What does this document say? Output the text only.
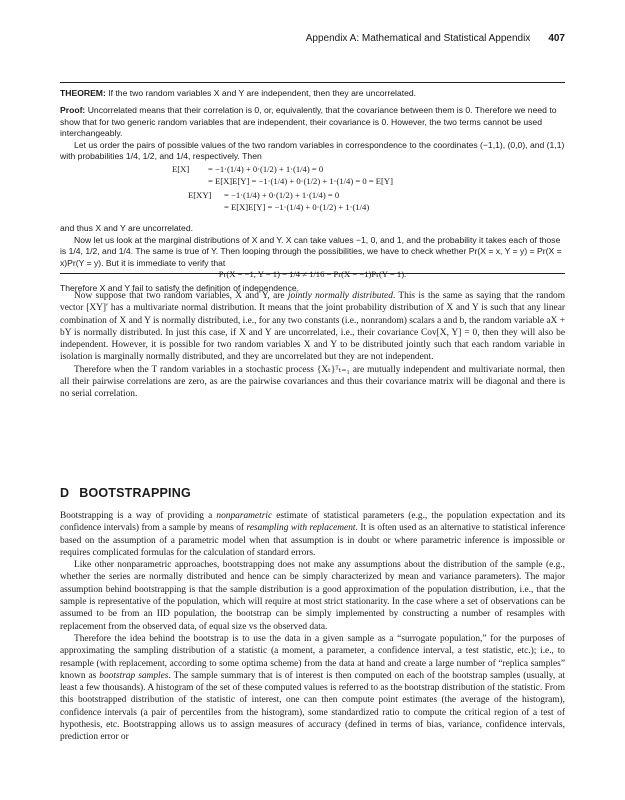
Appendix A: Mathematical and Statistical Appendix 407

THEOREM: If the two random variables X and Y are independent, then they are uncorrelated.

Proof: Uncorrelated means that their correlation is 0, or, equivalently, that the covariance between them is 0. Therefore we need to show that for two generic random variables that are independent, their covariance is 0. However, the two terms cannot be used interchangeably.

Let us order the pairs of possible values of the two random variables in correspondence to the coordinates (−1,1), (0,0), and (1,1) with probabilities 1/4, 1/2, and 1/4, respectively. Then

E[X] = −1·(1/4) + 0·(1/2) + 1·(1/4) = 0
= E[X]E[Y] = −1·(1/4) + 0·(1/2) + 1·(1/4) = 0 = E[Y]
E[XY] = −1·(1/4) + 0·(1/2) + 1·(1/4) = 0
= E[X]E[Y] = −1·(1/4) + 0·(1/2) + 1·(1/4)

and thus X and Y are uncorrelated.

Now let us look at the marginal distributions of X and Y. X can take values −1, 0, and 1, and the probability it takes each of those is 1/4, 1/2, and 1/4. The same is true of Y. Then looping through the possibilities, we have to check whether Pr(X = x, Y = y) = Pr(X = x)Pr(Y = y). But it is immediate to verify that

Pr(X = −1, Y = 1) = 1/4 ≠ 1/16 = Pr(X = −1)Pr(Y = 1).

Therefore X and Y fail to satisfy the definition of independence.

Now suppose that two random variables, X and Y, are jointly normally distributed. This is the same as saying that the random vector [XY]′ has a multivariate normal distribution. It means that the joint probability distribution of X and Y is such that any linear combination of X and Y is normally distributed, i.e., for any two constants (i.e., nonrandom) scalars a and b, the random variable aX + bY is normally distributed. In just this case, if X and Y are uncorrelated, i.e., their covariance Cov[X, Y] = 0, then they will also be independent. However, it is possible for two random variables X and Y to be distributed jointly such that each random variable in isolation is marginally normally distributed, and they are uncorrelated but they are not independent.

Therefore when the T random variables in a stochastic process {Xₜ}ᵀₜ₌₁ are mutually independent and multivariate normal, then all their pairwise correlations are zero, as are the pairwise covariances and thus their covariance matrix will be diagonal and there is no serial correlation.

D BOOTSTRAPPING

Bootstrapping is a way of providing a nonparametric estimate of statistical parameters (e.g., the population expectation and its confidence intervals) from a sample by means of resampling with replacement. It is often used as an alternative to statistical inference based on the assumption of a parametric model when that assumption is in doubt or where parametric inference is impossible or requires complicated formulas for the calculation of standard errors.

Like other nonparametric approaches, bootstrapping does not make any assumptions about the distribution of the sample (e.g., whether the series are normally distributed and hence can be simply characterized by mean and variance parameters). The major assumption behind bootstrapping is that the sample distribution is a good approximation of the population distribution, i.e., that the sample is representative of the population, which will require at most strict stationarity. In the case where a set of observations can be assumed to be from an IID population, the bootstrap can be simply implemented by constructing a number of resamples with replacement from the observed data, of equal size vs the observed data.

Therefore the idea behind the bootstrap is to use the data in a given sample as a “surrogate population,” for the purposes of approximating the sampling distribution of a statistic (a moment, a parameter, a confidence interval, a test statistic, etc.); i.e., to resample (with replacement, according to some optima scheme) from the data at hand and create a large number of “replica samples” known as bootstrap samples. The sample summary that is of interest is then computed on each of the bootstrap samples (usually, at least a few thousands). A histogram of the set of these computed values is referred to as the bootstrap distribution of the statistic. From this bootstrapped distribution of the statistic of interest, one can then compute point estimates (the average of the histogram), confidence intervals (a pair of percentiles from the histogram), some standardized ratio to compute the critical region of a test of hypothesis, etc. Bootstrapping allows us to assign measures of accuracy (defined in terms of bias, variance, confidence intervals, prediction error or
